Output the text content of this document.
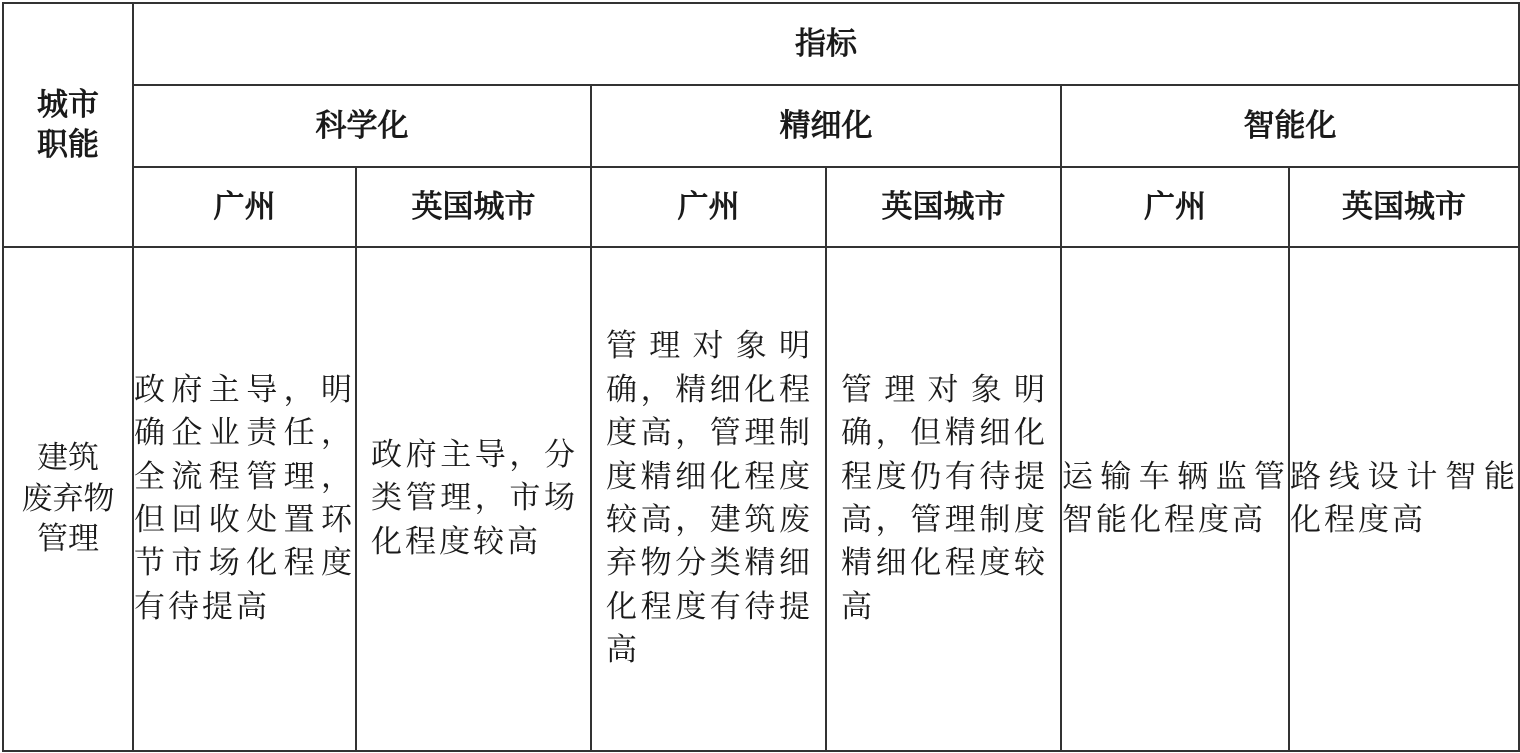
城市
职能	指标					
	科学化		精细化		智能化	
	广州	英国城市	广州	英国城市	广州	英国城市
建筑
废弃物
管理	政府主导，明确企业责任，全流程管理，但回收处置环节市场化程度有待提高	政府主导，分类管理，市场化程度较高	管理对象明确，精细化程度高，管理制度精细化程度较高，建筑废弃物分类精细化程度有待提高	管理对象明确，但精细化程度仍有待提高，管理制度精细化程度较高	运输车辆监管智能化程度高	路线设计智能化程度高
